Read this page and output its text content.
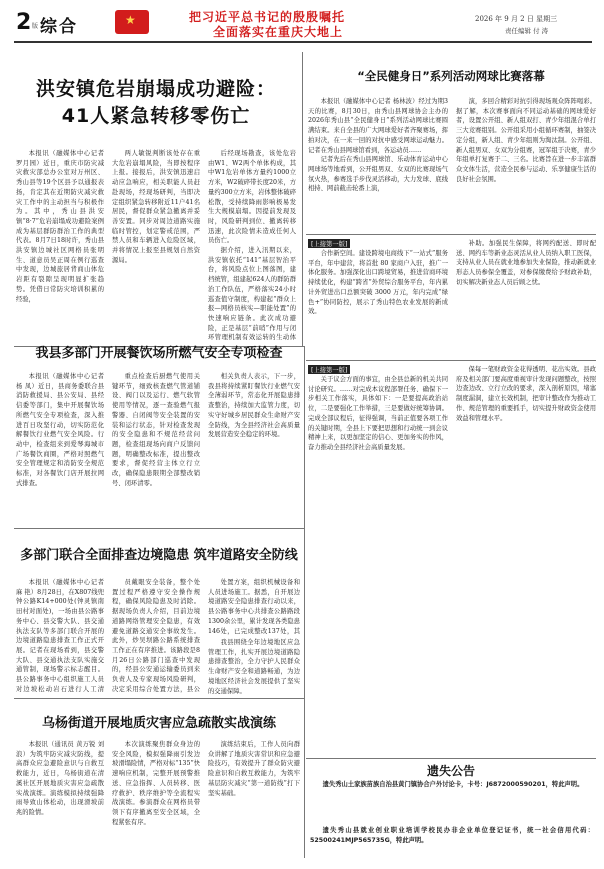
2 版 综合	★	把习近平总书记的殷殷嘱托
全面落实在重庆大地上
2026 年 9 月 2 日 星期三
责任编辑 付 涛
洪安镇危岩崩塌成功避险：
41人紧急转移零伤亡

本报讯（融媒体中心记者 罗月园）近日，重庆市防灾减灾救灾部总办公室对万州区、秀山县等19个区县予以通报表扬，肯定其在近期防灾减灾救灾工作中的主动担当与积极作为。其中，秀山县洪安镇“8·7”危岩崩塌成功避险案例成为基层群防群治工作的典型代表。8月7日18时许，秀山县洪安镇边城社区网格员张明生、道意员吴正周在例行巡查中发现，边城旅居背商山体危岩距有裂隙呈现明显扩张趋势。凭借日常防灾培训积累的经验，

两人敏锐判断该处存在重大危岩崩塌风险，当即按程序上报。接报后，洪安镇迅速启动应急响应，相关职能人员赶赴现场，经现场研判，当即决定组织紧急转移附近11户41名居民，督促群众紧急撤离并妥善安置。同步对周边道路实施临时管控，划定警戒范围，严禁人员和车辆进入危险区域，并将情况上报至县规划自然资源局。

后经现场勘查，该处危岩由W1、W2两个单体构成，其中W1危岩单体方量约1000立方米，W2破碎带长度20米，方量约300立方米，岩体整体破碎松散，受持续降雨影响极易发生大规模崩塌。因提前发现及时，风险研判到位、撤离转移迅速，此次险情未造成任何人员伤亡。

据介绍，进入汛期以来，洪安镇依托“141”基层智治平台，将风险点位上图落图，建档统管，组建起624人的群防群治工作队伍，严格落实24小时巡查值守制度，构建起“群众上报—网格员核实—职能处置”的快速响应链条。此次成功避险，正是基层“前哨”作用与闭环管理机制有效运转的生动体

“全民健身日”系列活动网球比赛落幕

本报讯（融媒体中心记者 杨林波）经过为期3天的比赛，8月30日，由秀山县网球协会主办的2026年秀山县“全民健身日”系列活动网球比赛圆满结束。来自全县的广大网球爱好者齐聚赛场，挥拍对决，在一来一回的对抗中感受网球运动魅力。记者在秀山县网球馆看到，各运动员……

记者先后在秀山县网球馆、乐动体育运动中心网球场等地看到，公开组男双、女双的比赛现场气氛火热，参赛选手步伐灵活移动，大力发球、底线相持、网前截击轮番上演，

演，多回合精彩对抗引得现场观众阵阵喝彩。据了解，本次赛事面向不同运动基础的网球爱好者，设置公开组、新人组双打、青少年组混合单打三大竞赛组别。公开组采用小组循环赛制，抽签决定分组，新人组、青少年组则为淘汰制。公开组、新人组男双、女双为分组赛，冠军组于决赛，青少年组单打复赛于二、三名。比赛旨在进一步丰富群众文体生活，营造全民参与运动、乐享健康生活的良好社会氛围。

[上接第一版]

合作新空间。建设跨境电商线下“一站式”服务平台，年中建营，将首批 80 家商户入驻，推广一体化服务。加强深化出口跨境贸易，推进营商环境持续优化，构建“跨省”外贸综合服务平台，年内累计外贸进出口总额突破 3000 万元，年内完成“绿色+”协同防控，展示了秀山特色农业发展的新成效。

补助。加强民生保障，将网约配送、即时配送、网约车等新业态灵活从业人员纳入职工医保，支持从业人员在就业地参加失业保险，推动新就业形态人员参保全覆盖，对参保缴费给予财政补助，切实解决新业态人员后顾之忧。

我县多部门开展餐饮场所燃气安全专项检查

本报讯（融媒体中心记者 杨 凤）近日，县商务委联合县消防救援局、县公安局、县经信委等部门，集中开展餐饮场所燃气安全专项检查，深入推进百日攻坚行动，切实防范化解餐饮行业燃气安全风险。行动中，检查组来到爱琴海城市广场餐饮商圈，严格对照燃气安全管理规定和消防安全规范标准，对各餐饮门店开展拉网式排查。

重点检查后厨燃气使用关键环节，细致核查燃气管道铺设、阀门以及运行、燃气软管使用等情况，逐一查验燃气报警器、自闭阀等安全装置的安装和运行状态，针对检查发现的安全隐患和不规范经营问题，检查组现场向商户反馈问题，明确整改标准，提出整改要求，督促经营主体立行立改，确保隐患限期全部整改销号、闭环清零。

相关负责人表示，下一步，我县将持续紧盯餐饮行业燃气安全薄弱环节，常态化开展隐患排查整治，持续加大监管力度，切实守好城乡居民群众生命财产安全防线，为全县经济社会高质量发展营造安全稳定的环境。

[上接第一版]

关于议会方面的事宜，由全县总新的机关共同讨论研究。……对完成本议程部署任务、确保下一步相关工作落实，具体如下：一是要提高政治站位，二是要强化工作举措，三是要做好统筹协调。完成全部议程后，征得强调，当前正值要各项工作的关键时期，全县上下要把思想和行动统一到会议精神上来，以更加坚定的信心、更加务实的作风，奋力推动全县经济社会高质量发展。

保每一笔财政资金花得透明、花出实效。县政府及相关部门要高度重视审计发现问题整改，按照边查边改、立行立改的要求，深入剖析原因，堵塞制度漏洞，建立长效机制，把审计整改作为推动工作、规范管理的重要抓手，切实提升财政资金使用效益和管理水平。

多部门联合全面排查边境隐患 筑牢道路安全防线

本报讯（融媒体中心记者 麻 艳）8月28日，在X807线兜钟公路K14+000处(钟灵镇南田村对面处)，一场由县公路事务中心、县交警大队、县交通执法支队等多部门联合开展的边境道路隐患排查工作正式开展。记者在现场看到，县交警大队、县交通执法支队实施交通管制，现场警示标志醒目。县公路事务中心组织施工人员对边坡松动岩石进行人工清

员戴眼安全装备，整个处置过程严格遵守安全操作规程，确保风险隐患及时消除。据现场负责人介绍，目前边境道路网络管理安全隐患，有效避免道路交通安全事故发生。此外，炒吴坝路公路系统排查工作正在有序推进。该路段是8月26日公路部门巡查中发现的，经县公安通运输委员到来负责人及专家现场风险研判，决定采用综合处置方法，县公

处置方案，组织机械设备和人员进场施工。据悉，自开展边境道路安全隐患排查行动以来，县公路事务中心共排查公路路段1300余公里，累计发现各类隐患146处，已完成整改137处，其

我县围绕全年边境地区应急管理工作，扎实开展边境道路隐患排查整治，全力守护人民群众生命财产安全和道路畅通，为边境地区经济社会发展提供了坚实的交通保障。

乌杨街道开展地质灾害应急疏散实战演练

本报讯（通讯员 黄万锐 刘 浪）为筑牢防灾减灾防线，提高群众应急避险意识与自救互救能力，近日，乌杨街道在清溪社区开展地质灾害应急疏散实战演练。演练模拟持续强降雨导致山体松动，出现滑坡前兆的险情。

本次演练聚焦群众身边的安全风险，模拟强降雨引发边坡滑塌险情，严格对标“135”快速响应机制，完整开展预警推送、应急指挥、人员转移、医疗救护、秩序维护等全流程实战演练。参演群众在网格员带领下有序撤离至安全区域，全程紧张有序。

演练结束后，工作人员向群众讲解了地质灾害常识和应急避险技巧，有效提升了群众防灾避险意识和自救互救能力，为筑牢基层防灾减灾“第一道防线”打下坚实基础。

遗失公告

遗失秀山土家族苗族自治县黄门镇协合户外讨论卡，卡号：J6872000590201，特此声明。

遗失秀山县就业创业职业培训学校民办非企业单位登记证书，统一社会信用代码：52500241MJP565735G，特此声明。
